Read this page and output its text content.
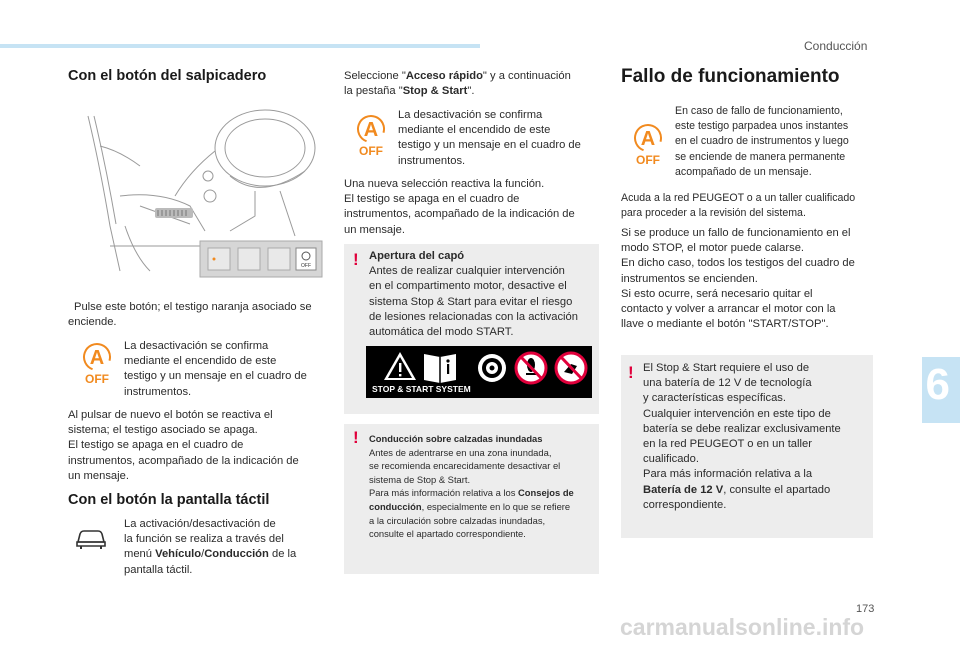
Conducción
6
Con el botón del salpicadero
OFF
Pulse este botón; el testigo naranja asociado se enciende.
A
OFF
La desactivación se confirma
mediante el encendido de este
testigo y un mensaje en el cuadro de
instrumentos.
Al pulsar de nuevo el botón se reactiva el
sistema; el testigo asociado se apaga.
El testigo se apaga en el cuadro de
instrumentos, acompañado de la indicación de
un mensaje.
Con el botón la pantalla táctil
La activación/desactivación de
la función se realiza a través del
menú Vehículo/Conducción de la
pantalla táctil.
Seleccione "Acceso rápido" y a continuación
la pestaña "Stop & Start".
A
OFF
La desactivación se confirma
mediante el encendido de este
testigo y un mensaje en el cuadro de
instrumentos.
Una nueva selección reactiva la función.
El testigo se apaga en el cuadro de
instrumentos, acompañado de la indicación de
un mensaje.
! Apertura del capó
Antes de realizar cualquier intervención
en el compartimento motor, desactive el
sistema Stop & Start para evitar el riesgo
de lesiones relacionadas con la activación
automática del modo START.
STOP & START SYSTEM
! Conducción sobre calzadas inundadas
Antes de adentrarse en una zona inundada,
se recomienda encarecidamente desactivar el
sistema de Stop & Start.
Para más información relativa a los Consejos de
conducción, especialmente en lo que se refiere
a la circulación sobre calzadas inundadas,
consulte el apartado correspondiente.
Fallo de funcionamiento
A
OFF
En caso de fallo de funcionamiento,
este testigo parpadea unos instantes
en el cuadro de instrumentos y luego
se enciende de manera permanente
acompañado de un mensaje.
Acuda a la red PEUGEOT o a un taller cualificado
para proceder a la revisión del sistema.
Si se produce un fallo de funcionamiento en el
modo STOP, el motor puede calarse.
En dicho caso, todos los testigos del cuadro de
instrumentos se encienden.
Si esto ocurre, será necesario quitar el
contacto y volver a arrancar el motor con la
llave o mediante el botón "START/STOP".
! El Stop & Start requiere el uso de
una batería de 12 V de tecnología
y características específicas.
Cualquier intervención en este tipo de
batería se debe realizar exclusivamente
en la red PEUGEOT o en un taller
cualificado.
Para más información relativa a la
Batería de 12 V, consulte el apartado
correspondiente.
173
carmanualsonline.info
